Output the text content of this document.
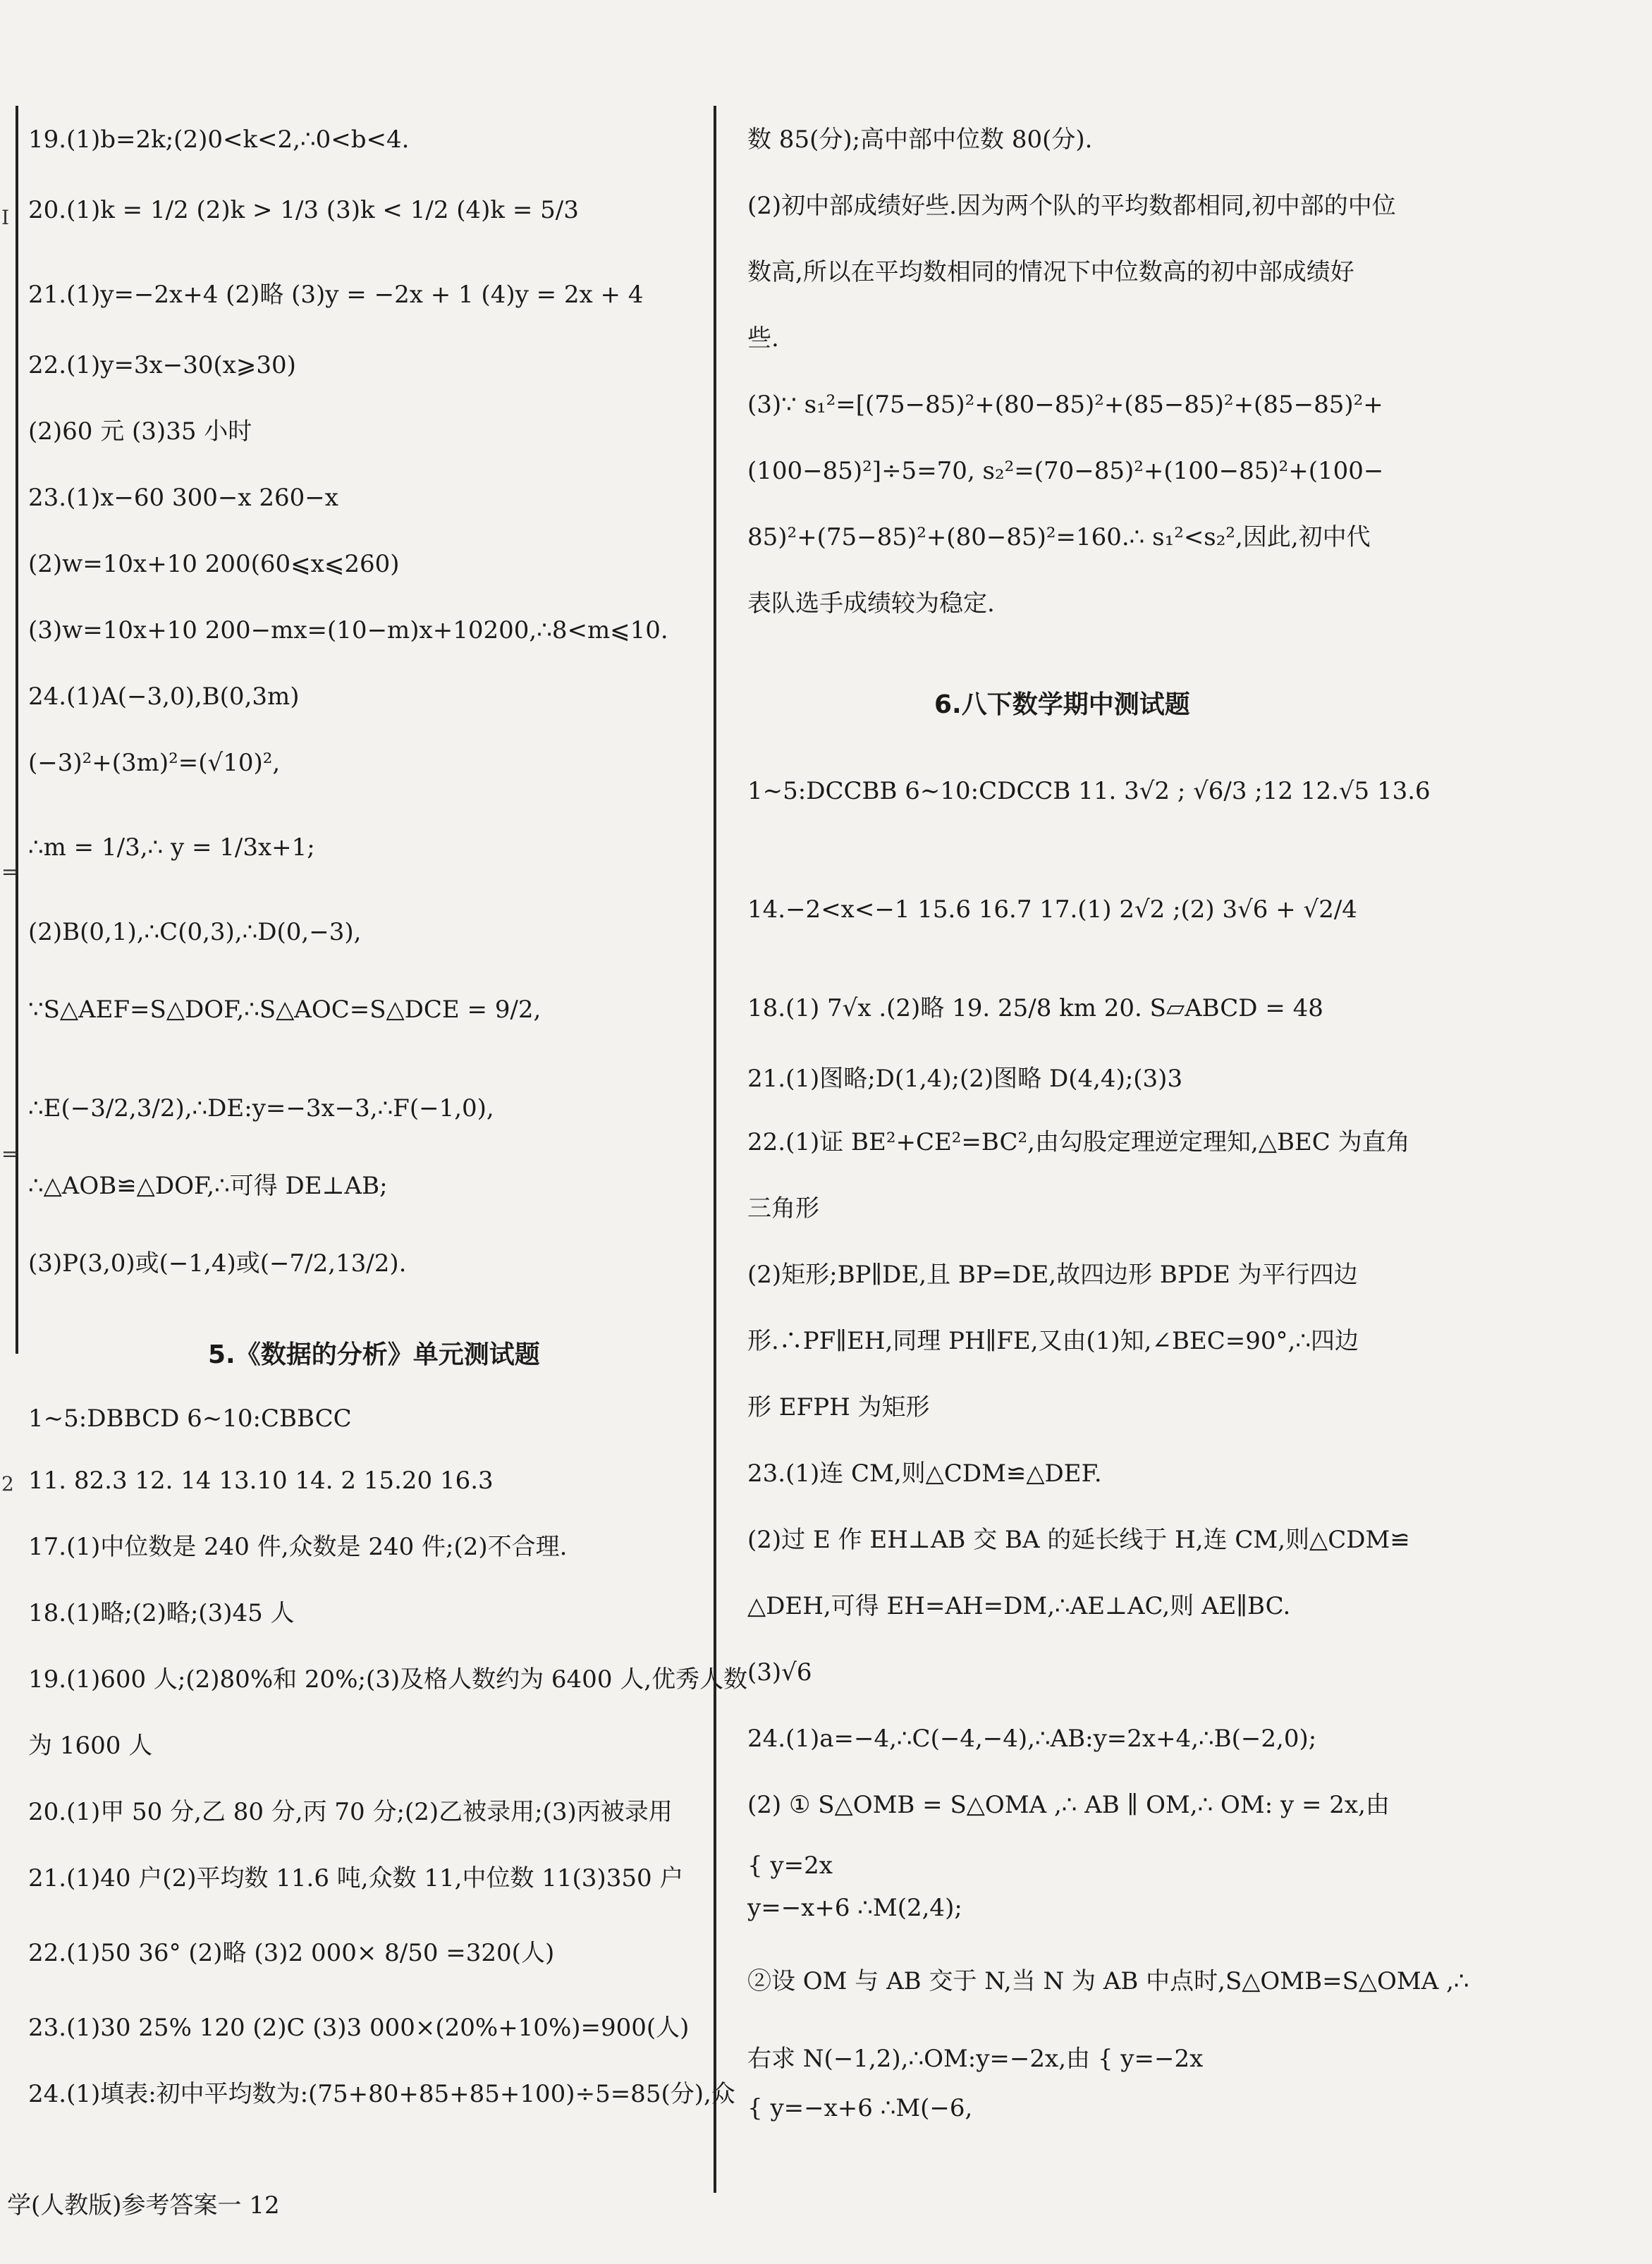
I
=
=
2
19.(1)b=2k;(2)0<k<2,∴0<b<4.
20.(1)k = 1/2 (2)k > 1/3 (3)k < 1/2 (4)k = 5/3
21.(1)y=−2x+4 (2)略 (3)y = −2x + 1 (4)y = 2x + 4
22.(1)y=3x−30(x⩾30)
(2)60 元 (3)35 小时
23.(1)x−60 300−x 260−x
(2)w=10x+10 200(60⩽x⩽260)
(3)w=10x+10 200−mx=(10−m)x+10200,∴8<m⩽10.
24.(1)A(−3,0),B(0,3m)
(−3)²+(3m)²=(√10)²,
∴m = 1/3,∴ y = 1/3x+1;
(2)B(0,1),∴C(0,3),∴D(0,−3),
∵S△AEF=S△DOF,∴S△AOC=S△DCE = 9/2,
∴E(−3/2,3/2),∴DE:y=−3x−3,∴F(−1,0),
∴△AOB≌△DOF,∴可得 DE⊥AB;
(3)P(3,0)或(−1,4)或(−7/2,13/2).
5.《数据的分析》单元测试题
1∼5:DBBCD 6∼10:CBBCC
11. 82.3 12. 14 13.10 14. 2 15.20 16.3
17.(1)中位数是 240 件,众数是 240 件;(2)不合理.
18.(1)略;(2)略;(3)45 人
19.(1)600 人;(2)80%和 20%;(3)及格人数约为 6400 人,优秀人数
为 1600 人
20.(1)甲 50 分,乙 80 分,丙 70 分;(2)乙被录用;(3)丙被录用
21.(1)40 户(2)平均数 11.6 吨,众数 11,中位数 11(3)350 户
22.(1)50 36° (2)略 (3)2 000× 8/50 =320(人)
23.(1)30 25% 120 (2)C (3)3 000×(20%+10%)=900(人)
24.(1)填表:初中平均数为:(75+80+85+85+100)÷5=85(分),众
数 85(分);高中部中位数 80(分).
(2)初中部成绩好些.因为两个队的平均数都相同,初中部的中位
数高,所以在平均数相同的情况下中位数高的初中部成绩好
些.
(3)∵ s₁²=[(75−85)²+(80−85)²+(85−85)²+(85−85)²+
(100−85)²]÷5=70, s₂²=(70−85)²+(100−85)²+(100−
85)²+(75−85)²+(80−85)²=160.∴ s₁²<s₂²,因此,初中代
表队选手成绩较为稳定.
6.八下数学期中测试题
1∼5:DCCBB 6∼10:CDCCB 11. 3√2 ; √6/3 ;12 12.√5 13.6
14.−2<x<−1 15.6 16.7 17.(1) 2√2 ;(2) 3√6 + √2/4
18.(1) 7√x .(2)略 19. 25/8 km 20. S▱ABCD = 48
21.(1)图略;D(1,4);(2)图略 D(4,4);(3)3
22.(1)证 BE²+CE²=BC²,由勾股定理逆定理知,△BEC 为直角
三角形
(2)矩形;BP∥DE,且 BP=DE,故四边形 BPDE 为平行四边
形.∴PF∥EH,同理 PH∥FE,又由(1)知,∠BEC=90°,∴四边
形 EFPH 为矩形
23.(1)连 CM,则△CDM≌△DEF.
(2)过 E 作 EH⊥AB 交 BA 的延长线于 H,连 CM,则△CDM≌
△DEH,可得 EH=AH=DM,∴AE⊥AC,则 AE∥BC.
(3)√6
24.(1)a=−4,∴C(−4,−4),∴AB:y=2x+4,∴B(−2,0);
(2) ① S△OMB = S△OMA ,∴ AB ∥ OM,∴ OM: y = 2x,由
{ y=2x
y=−x+6 ∴M(2,4);
②设 OM 与 AB 交于 N,当 N 为 AB 中点时,S△OMB=S△OMA ,∴
右求 N(−1,2),∴OM:y=−2x,由 { y=−2x
{ y=−x+6 ∴M(−6,
学(人教版)参考答案一 12
